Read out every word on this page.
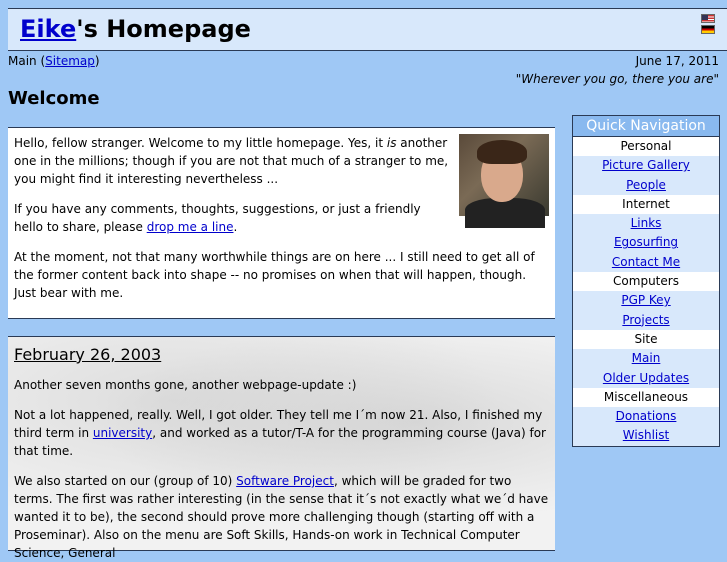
Eike's Homepage
Main (Sitemap)	June 17, 2011
"Wherever you go, there you are"
Welcome

Hello, fellow stranger. Welcome to my little homepage. Yes, it is another one in the millions; though if you are not that much of a stranger to me, you might find it interesting nevertheless ...

If you have any comments, thoughts, suggestions, or just a friendly hello to share, please drop me a line.

At the moment, not that many worthwhile things are on here ... I still need to get all of the former content back into shape -- no promises on when that will happen, though. Just bear with me.

February 26, 2003

Another seven months gone, another webpage-update :)

Not a lot happened, really. Well, I got older. They tell me I´m now 21. Also, I finished my third term in university, and worked as a tutor/T-A for the programming course (Java) for that time.

We also started on our (group of 10) Software Project, which will be graded for two terms. The first was rather interesting (in the sense that it´s not exactly what we´d have wanted it to be), the second should prove more challenging though (starting off with a Proseminar). Also on the menu are Soft Skills, Hands-on work in Technical Computer Science, General

Quick Navigation
Personal
Picture Gallery
People
Internet
Links
Egosurfing
Contact Me
Computers
PGP Key
Projects
Site
Main
Older Updates
Miscellaneous
Donations
Wishlist
